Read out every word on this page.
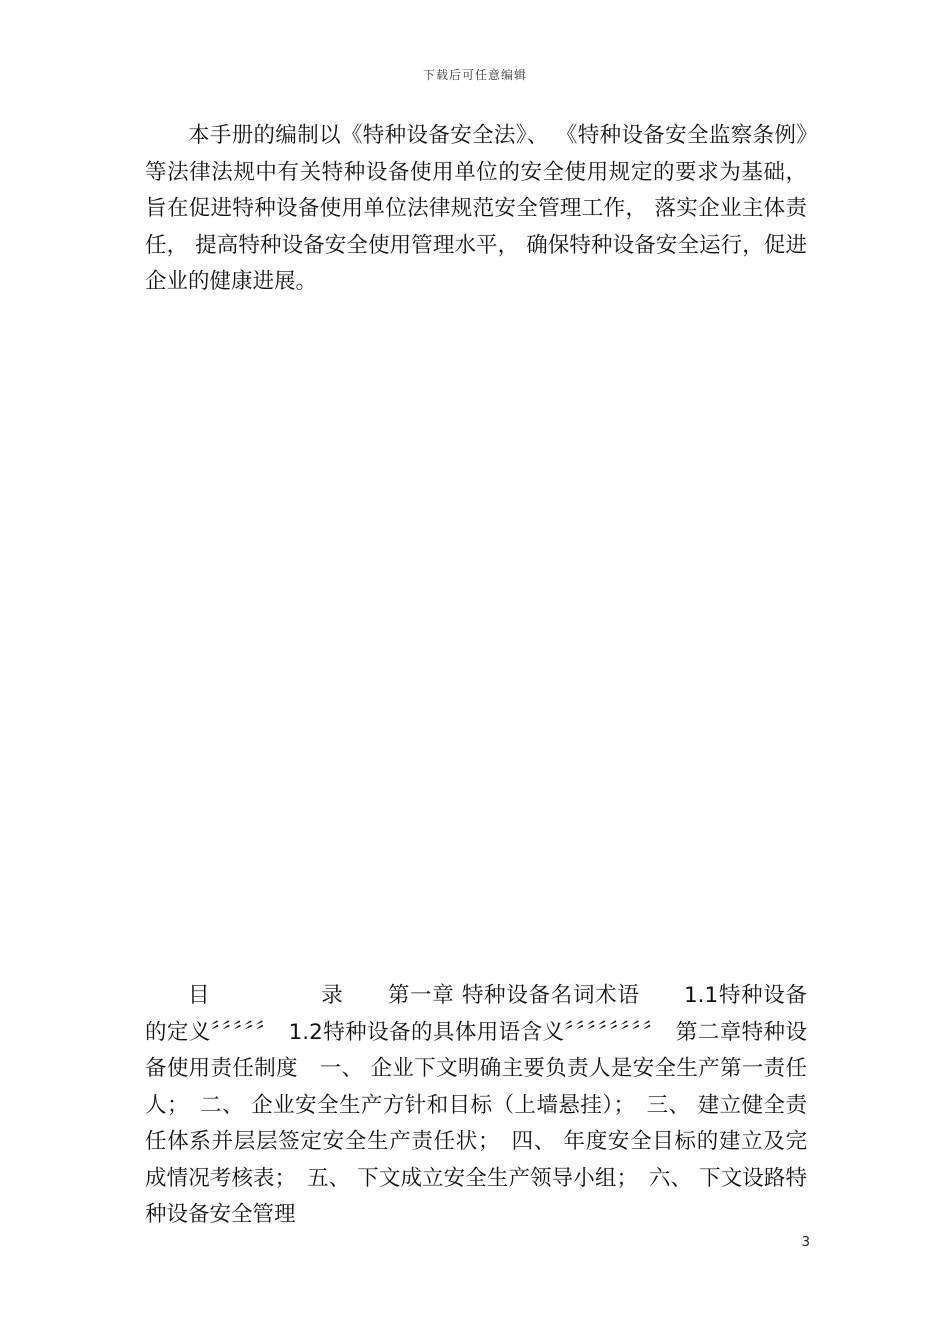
下载后可任意编辑

本手册的编制以《特种设备安全法》、 《特种设备安全监察条例》等法律法规中有关特种设备使用单位的安全使用规定的要求为基础，旨在促进特种设备使用单位法律规范安全管理工作， 落实企业主体责任， 提高特种设备安全使用管理水平， 确保特种设备安全运行，促进企业的健康进展。

目　　　　　录　　第一章 特种设备名词术语　　1.1特种设备的定义〞〞〞〞〞　1.2特种设备的具体用语含义〞〞〞〞〞〞〞〞　第二章特种设备使用责任制度　一、 企业下文明确主要负责人是安全生产第一责任人；　二、 企业安全生产方针和目标（上墙悬挂）；　三、 建立健全责任体系并层层签定安全生产责任状；　四、 年度安全目标的建立及完成情况考核表；　五、 下文成立安全生产领导小组；　六、 下文设路特种设备安全管理

3
